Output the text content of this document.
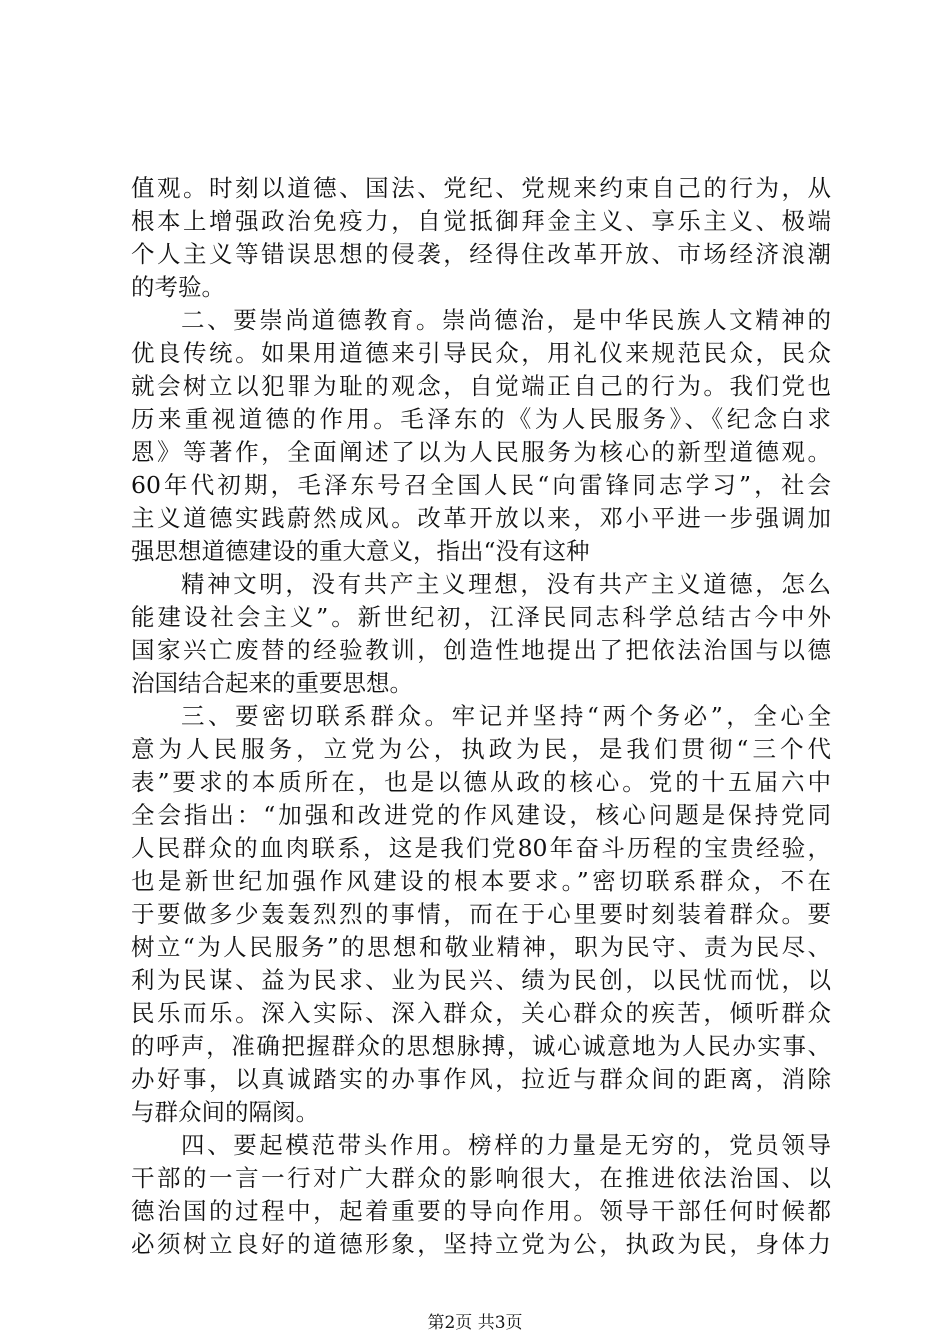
值观。时刻以道德、国法、党纪、党规来约束自己的行为，从
根本上增强政治免疫力，自觉抵御拜金主义、享乐主义、极端
个人主义等错误思想的侵袭，经得住改革开放、市场经济浪潮
的考验。
二、要崇尚道德教育。崇尚德治，是中华民族人文精神的
优良传统。如果用道德来引导民众，用礼仪来规范民众，民众
就会树立以犯罪为耻的观念，自觉端正自己的行为。我们党也
历来重视道德的作用。毛泽东的《为人民服务》、《纪念白求
恩》等著作，全面阐述了以为人民服务为核心的新型道德观。
60年代初期，毛泽东号召全国人民“向雷锋同志学习”，社会
主义道德实践蔚然成风。改革开放以来，邓小平进一步强调加
强思想道德建设的重大意义，指出“没有这种
精神文明，没有共产主义理想，没有共产主义道德，怎么
能建设社会主义”。新世纪初，江泽民同志科学总结古今中外
国家兴亡废替的经验教训，创造性地提出了把依法治国与以德
治国结合起来的重要思想。
三、要密切联系群众。牢记并坚持“两个务必”，全心全
意为人民服务，立党为公，执政为民，是我们贯彻“三个代
表”要求的本质所在，也是以德从政的核心。党的十五届六中
全会指出：“加强和改进党的作风建设，核心问题是保持党同
人民群众的血肉联系，这是我们党80年奋斗历程的宝贵经验，
也是新世纪加强作风建设的根本要求。”密切联系群众，不在
于要做多少轰轰烈烈的事情，而在于心里要时刻装着群众。要
树立“为人民服务”的思想和敬业精神，职为民守、责为民尽、
利为民谋、益为民求、业为民兴、绩为民创，以民忧而忧，以
民乐而乐。深入实际、深入群众，关心群众的疾苦，倾听群众
的呼声，准确把握群众的思想脉搏，诚心诚意地为人民办实事、
办好事，以真诚踏实的办事作风，拉近与群众间的距离，消除
与群众间的隔阂。
四、要起模范带头作用。榜样的力量是无穷的，党员领导
干部的一言一行对广大群众的影响很大，在推进依法治国、以
德治国的过程中，起着重要的导向作用。领导干部任何时候都
必须树立良好的道德形象，坚持立党为公，执政为民，身体力
第2页 共3页
